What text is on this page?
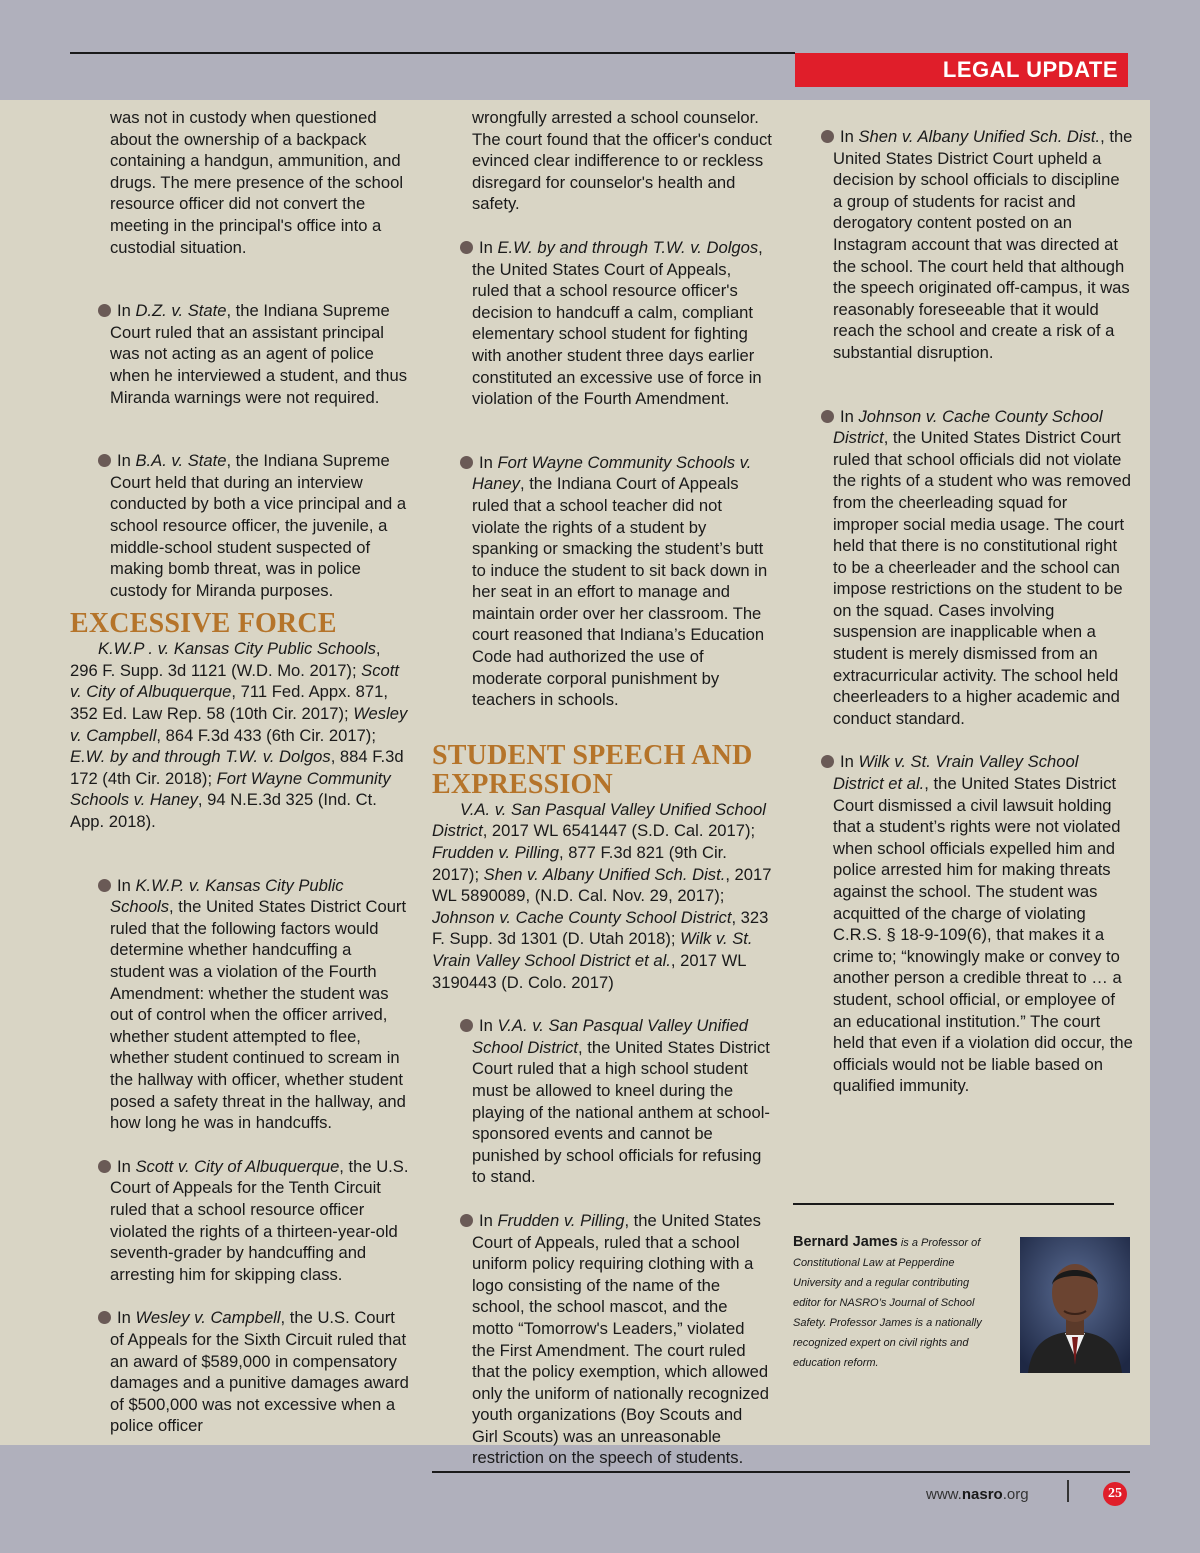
LEGAL UPDATE

was not in custody when questioned about the ownership of a backpack containing a handgun, ammunition, and drugs. The mere presence of the school resource officer did not convert the meeting in the principal's office into a custodial situation.

In D.Z. v. State, the Indiana Supreme Court ruled that an assistant principal was not acting as an agent of police when he interviewed a student, and thus Miranda warnings were not required.

In B.A. v. State, the Indiana Supreme Court held that during an interview conducted by both a vice principal and a school resource officer, the juvenile, a middle-school student suspected of making bomb threat, was in police custody for Miranda purposes.

EXCESSIVE FORCE

K.W.P . v. Kansas City Public Schools, 296 F. Supp. 3d 1121 (W.D. Mo. 2017); Scott v. City of Albuquerque, 711 Fed. Appx. 871, 352 Ed. Law Rep. 58 (10th Cir. 2017); Wesley v. Campbell, 864 F.3d 433 (6th Cir. 2017); E.W. by and through T.W. v. Dolgos, 884 F.3d 172 (4th Cir. 2018); Fort Wayne Community Schools v. Haney, 94 N.E.3d 325 (Ind. Ct. App. 2018).

In K.W.P. v. Kansas City Public Schools, the United States District Court ruled that the following factors would determine whether handcuffing a student was a violation of the Fourth Amendment: whether the student was out of control when the officer arrived, whether student attempted to flee, whether student continued to scream in the hallway with officer, whether student posed a safety threat in the hallway, and how long he was in handcuffs.

In Scott v. City of Albuquerque, the U.S. Court of Appeals for the Tenth Circuit ruled that a school resource officer violated the rights of a thirteen-year-old seventh-grader by handcuffing and arresting him for skipping class.

In Wesley v. Campbell, the U.S. Court of Appeals for the Sixth Circuit ruled that an award of $589,000 in compensatory damages and a punitive damages award of $500,000 was not excessive when a police officer

wrongfully arrested a school counselor. The court found that the officer's conduct evinced clear indifference to or reckless disregard for counselor's health and safety.

In E.W. by and through T.W. v. Dolgos, the United States Court of Appeals, ruled that a school resource officer's decision to handcuff a calm, compliant elementary school student for fighting with another student three days earlier constituted an excessive use of force in violation of the Fourth Amendment.

In Fort Wayne Community Schools v. Haney, the Indiana Court of Appeals ruled that a school teacher did not violate the rights of a student by spanking or smacking the student’s butt to induce the student to sit back down in her seat in an effort to manage and maintain order over her classroom. The court reasoned that Indiana’s Education Code had authorized the use of moderate corporal punishment by teachers in schools.

STUDENT SPEECH AND EXPRESSION

V.A. v. San Pasqual Valley Unified School District, 2017 WL 6541447 (S.D. Cal. 2017); Frudden v. Pilling, 877 F.3d 821 (9th Cir. 2017); Shen v. Albany Unified Sch. Dist., 2017 WL 5890089, (N.D. Cal. Nov. 29, 2017); Johnson v. Cache County School District, 323 F. Supp. 3d 1301 (D. Utah 2018); Wilk v. St. Vrain Valley School District et al., 2017 WL 3190443 (D. Colo. 2017)

In V.A. v. San Pasqual Valley Unified School District, the United States District Court ruled that a high school student must be allowed to kneel during the playing of the national anthem at school-sponsored events and cannot be punished by school officials for refusing to stand.

In Frudden v. Pilling, the United States Court of Appeals, ruled that a school uniform policy requiring clothing with a logo consisting of the name of the school, the school mascot, and the motto “Tomorrow's Leaders,” violated the First Amendment. The court ruled that the policy exemption, which allowed only the uniform of nationally recognized youth organizations (Boy Scouts and Girl Scouts) was an unreasonable restriction on the speech of students.

In Shen v. Albany Unified Sch. Dist., the United States District Court upheld a decision by school officials to discipline a group of students for racist and derogatory content posted on an Instagram account that was directed at the school. The court held that although the speech originated off-campus, it was reasonably foreseeable that it would reach the school and create a risk of a substantial disruption.

In Johnson v. Cache County School District, the United States District Court ruled that school officials did not violate the rights of a student who was removed from the cheerleading squad for improper social media usage. The court held that there is no constitutional right to be a cheerleader and the school can impose restrictions on the student to be on the squad. Cases involving suspension are inapplicable when a student is merely dismissed from an extracurricular activity. The school held cheerleaders to a higher academic and conduct standard.

In Wilk v. St. Vrain Valley School District et al., the United States District Court dismissed a civil lawsuit holding that a student’s rights were not violated when school officials expelled him and police arrested him for making threats against the school. The student was acquitted of the charge of violating C.R.S. § 18-9-109(6), that makes it a crime to; “knowingly make or convey to another person a credible threat to … a student, school official, or employee of an educational institution.” The court held that even if a violation did occur, the officials would not be liable based on qualified immunity.

Bernard James is a Professor of Constitutional Law at Pepperdine University and a regular contributing editor for NASRO’s Journal of School Safety. Professor James is a nationally recognized expert on civil rights and education reform.
www.nasro.org	25
